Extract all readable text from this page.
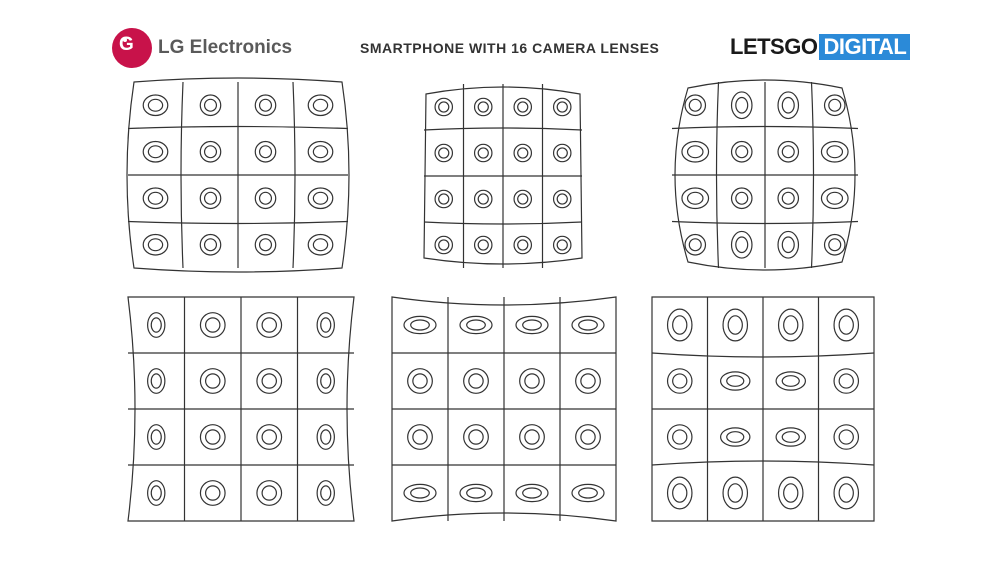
G LG Electronics	SMARTPHONE WITH 16 CAMERA LENSES	LETSGO DIGITAL
